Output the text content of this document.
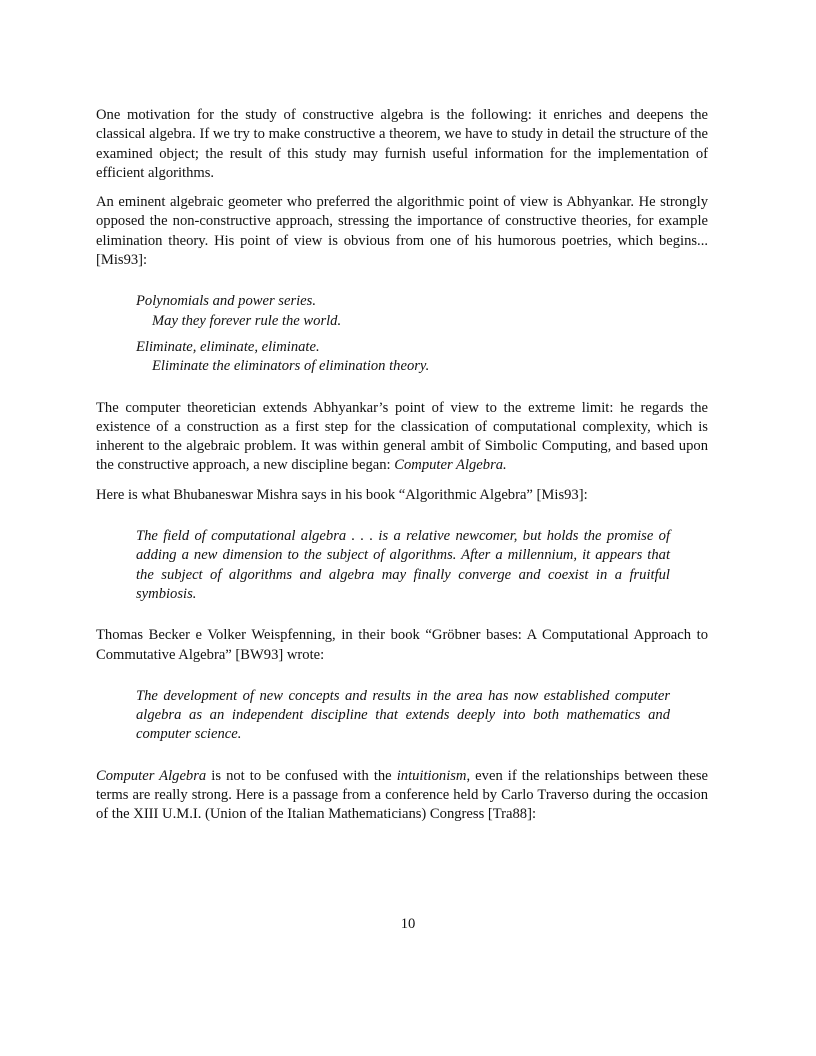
One motivation for the study of constructive algebra is the following: it enriches and deepens the classical algebra. If we try to make constructive a theorem, we have to study in detail the structure of the examined object; the result of this study may furnish useful information for the implementation of efficient algorithms.

An eminent algebraic geometer who preferred the algorithmic point of view is Abhyankar. He strongly opposed the non-constructive approach, stressing the importance of constructive theories, for example elimination theory. His point of view is obvious from one of his humorous poetries, which begins... [Mis93]:

Polynomials and power series.
May they forever rule the world.
Eliminate, eliminate, eliminate.
Eliminate the eliminators of elimination theory.

The computer theoretician extends Abhyankar’s point of view to the extreme limit: he regards the existence of a construction as a first step for the classication of computational complexity, which is inherent to the algebraic problem. It was within general ambit of Simbolic Computing, and based upon the constructive approach, a new discipline began: Computer Algebra.

Here is what Bhubaneswar Mishra says in his book “Algorithmic Algebra” [Mis93]:

The field of computational algebra . . . is a relative newcomer, but holds the promise of adding a new dimension to the subject of algorithms. After a millennium, it appears that the subject of algorithms and algebra may finally converge and coexist in a fruitful symbiosis.

Thomas Becker e Volker Weispfenning, in their book “Gröbner bases: A Computational Approach to Commutative Algebra” [BW93] wrote:

The development of new concepts and results in the area has now established computer algebra as an independent discipline that extends deeply into both mathematics and computer science.

Computer Algebra is not to be confused with the intuitionism, even if the relationships between these terms are really strong. Here is a passage from a conference held by Carlo Traverso during the occasion of the XIII U.M.I. (Union of the Italian Mathematicians) Congress [Tra88]:

10
